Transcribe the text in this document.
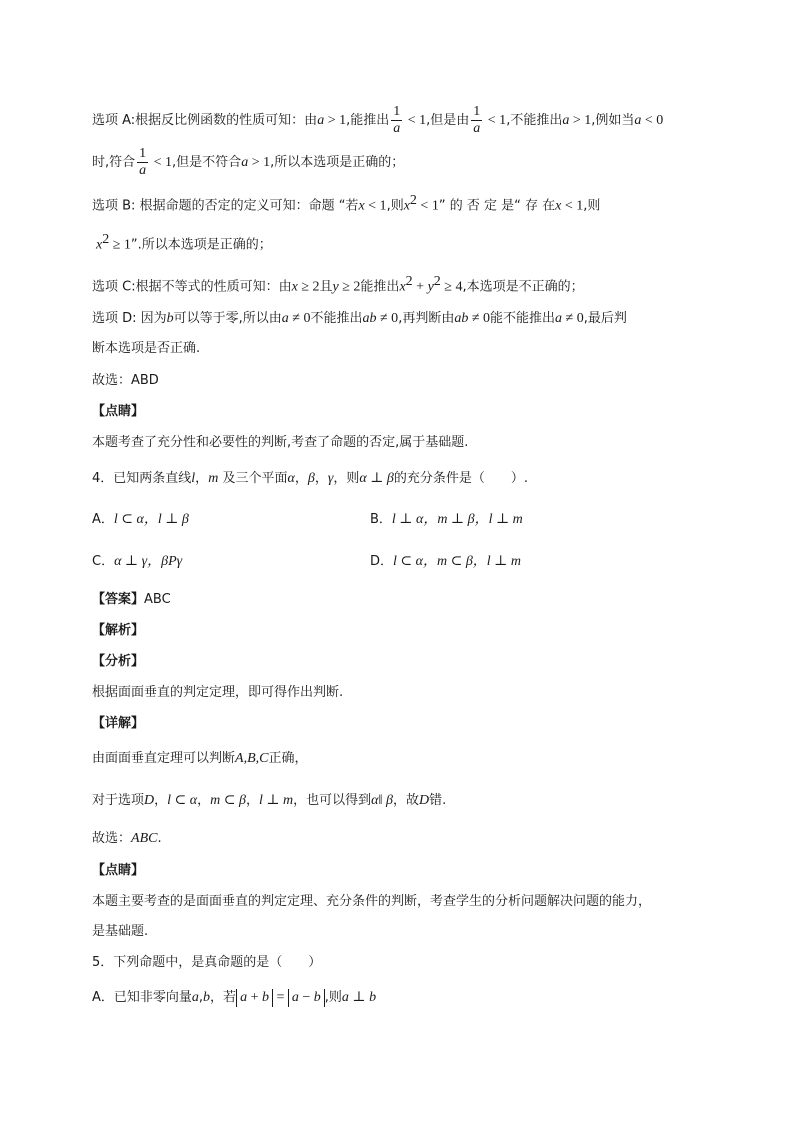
选项 A:根据反比例函数的性质可知：由a > 1,能推出 $\frac{1}{a} < 1$,但是由 $\frac{1}{a} < 1$,不能推出a > 1,例如当a < 0
时,符合 $\frac{1}{a} < 1$,但是不符合a > 1,所以本选项是正确的；
选项 B: 根据命题的否定的定义可知：命题 “若x < 1,则$x^2 < 1$” 的 否 定 是“ 存 在x < 1,则
$x^2 \ge 1$”.所以本选项是正确的；
选项 C:根据不等式的性质可知：由x ≥ 2且y ≥ 2能推出$x^2 + y^2 \ge 4$,本选项是不正确的；
选项 D: 因为b可以等于零,所以由a ≠ 0不能推出ab ≠ 0,再判断由ab ≠ 0能不能推出a ≠ 0,最后判
断本选项是否正确.
故选：ABD
【点睛】
本题考查了充分性和必要性的判断,考查了命题的否定,属于基础题.
4．已知两条直线l，m 及三个平面α，β，γ，则α ⊥ β的充分条件是（　　）.
A．l ⊂ α，l ⊥ β	B．l ⊥ α，m ⊥ β，l ⊥ m
C．α ⊥ γ，βPγ	D．l ⊂ α，m ⊂ β，l ⊥ m
【答案】ABC
【解析】
【分析】
根据面面垂直的判定定理，即可得作出判断.
【详解】
由面面垂直定理可以判断A,B,C正确，
对于选项D，l ⊂ α，m ⊂ β，l ⊥ m，也可以得到α‖ β，故D错.
故选：ABC.
【点睛】
本题主要考查的是面面垂直的判定定理、充分条件的判断，考查学生的分析问题解决问题的能力，
是基础题.
5．下列命题中，是真命题的是（　　）
A．已知非零向量a,b，若 a + b = a − b ,则a ⊥ b
